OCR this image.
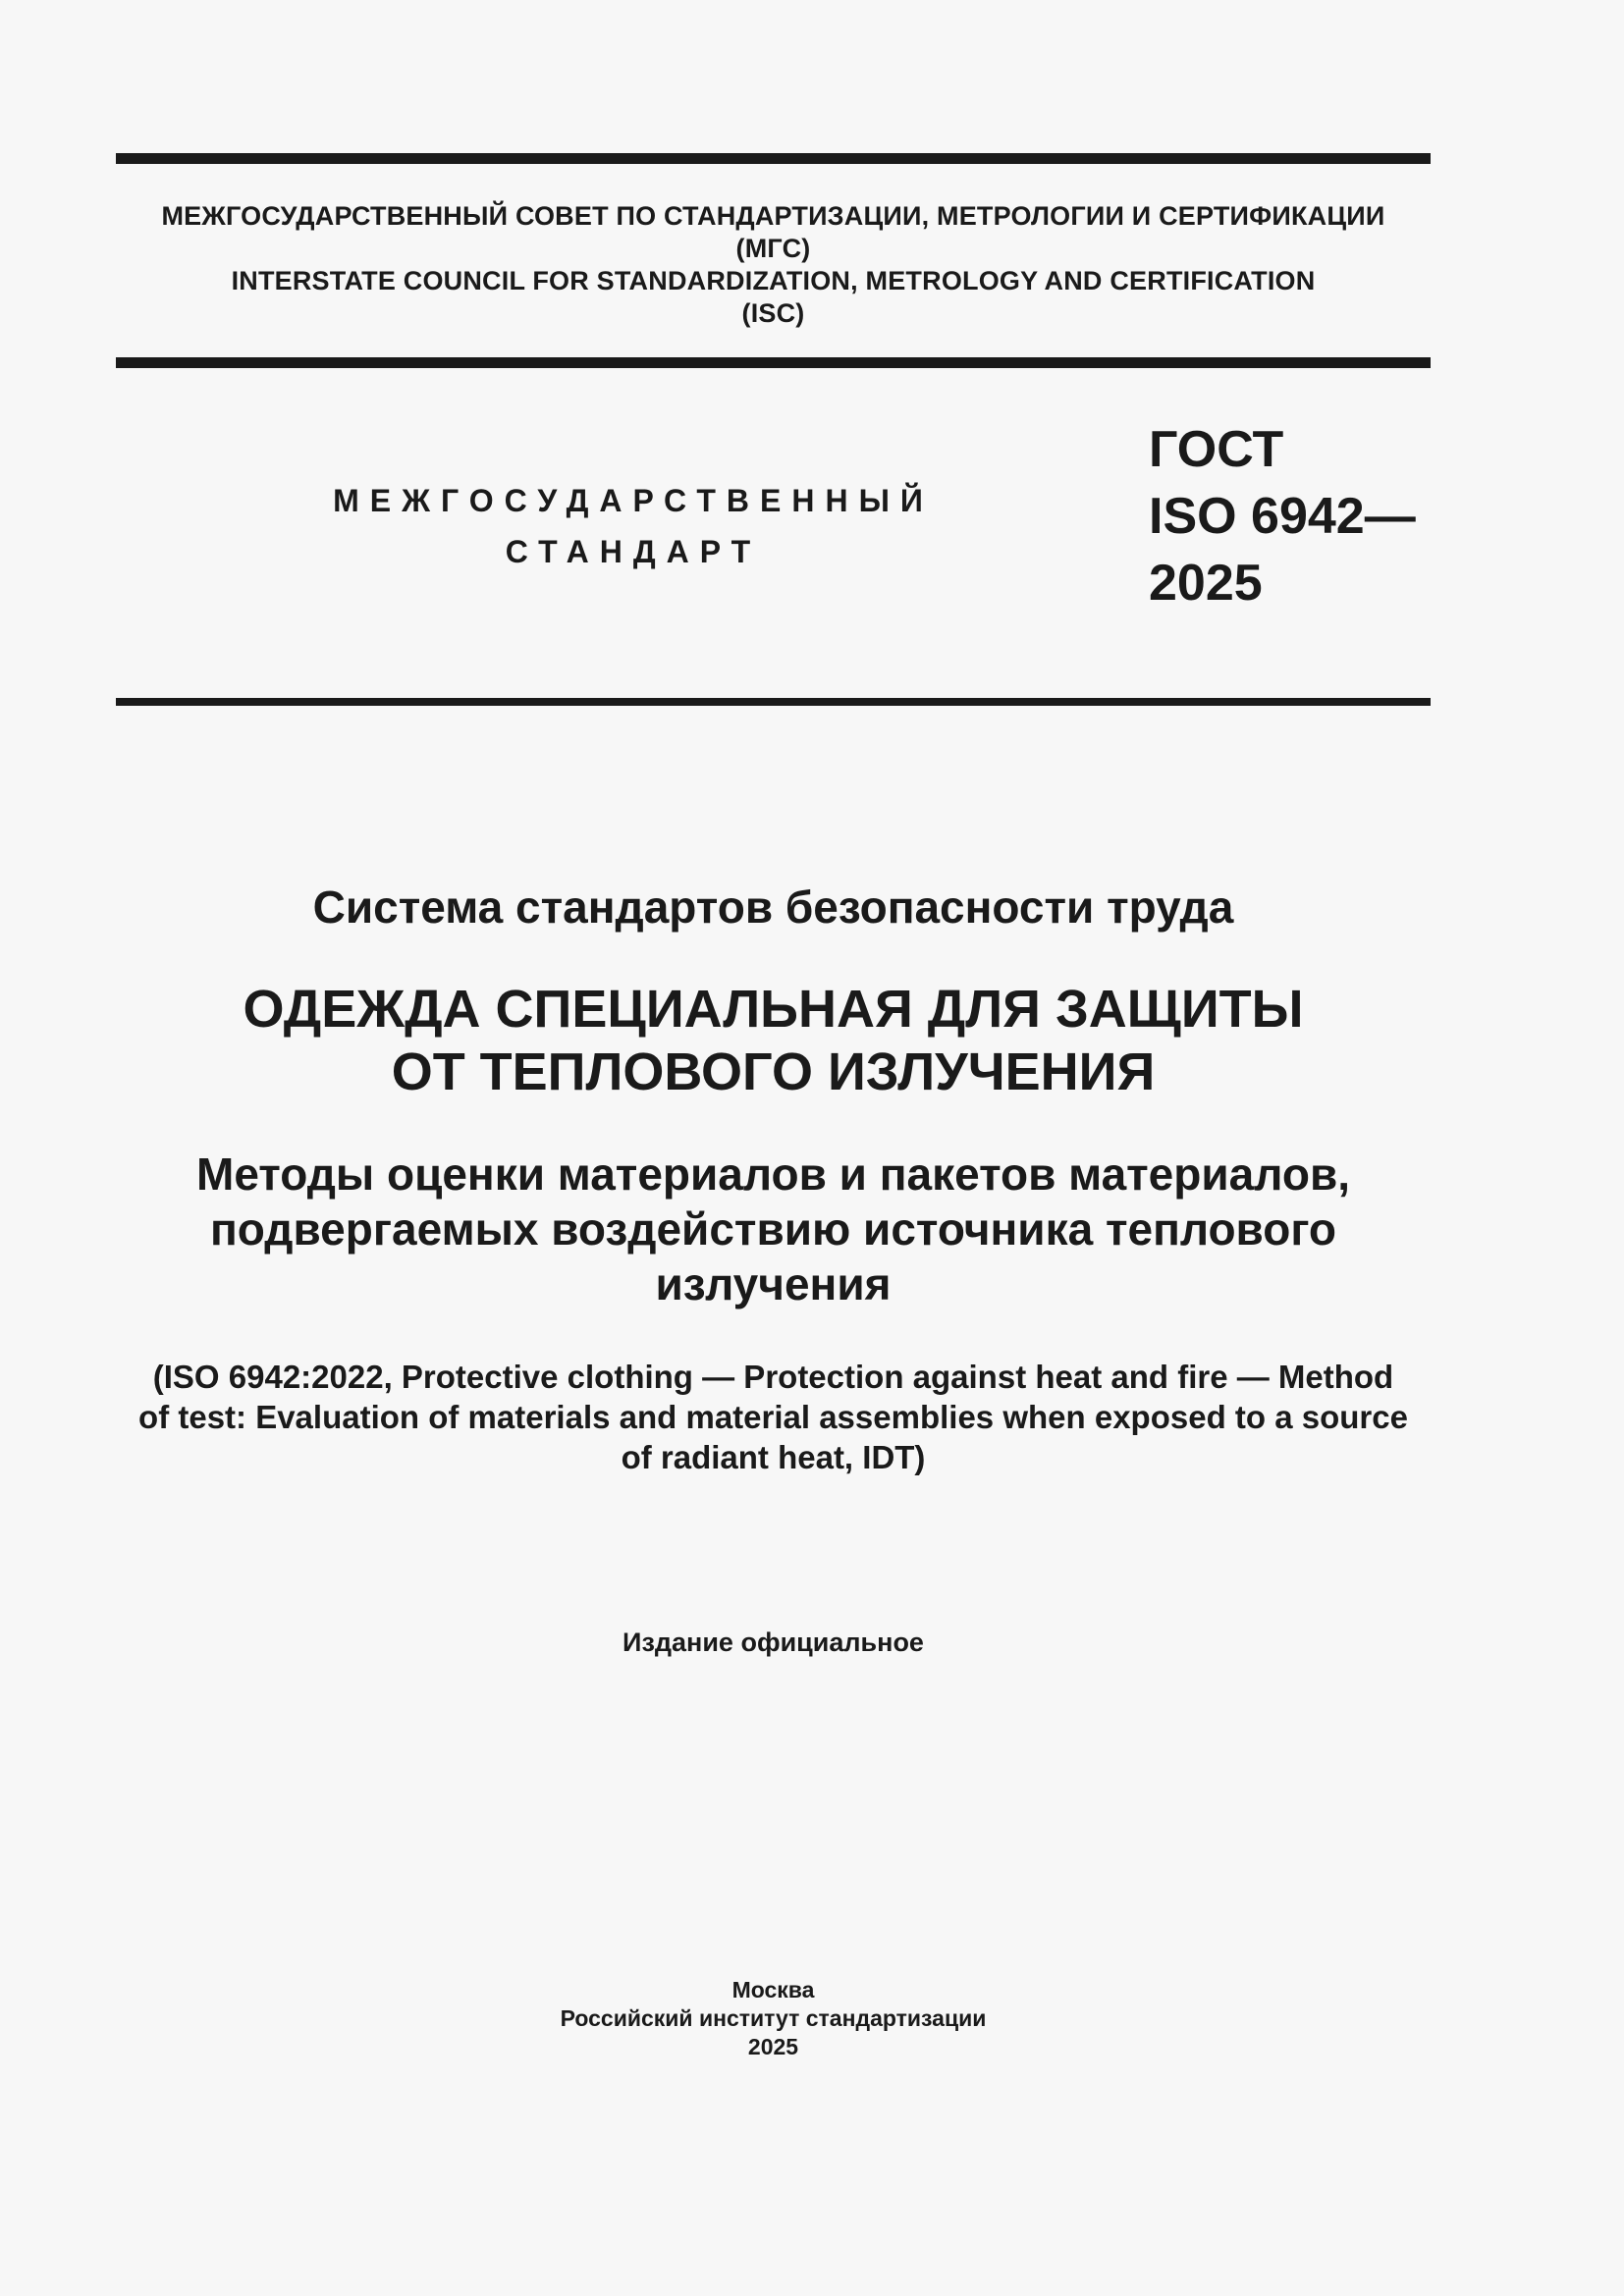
МЕЖГОСУДАРСТВЕННЫЙ СОВЕТ ПО СТАНДАРТИЗАЦИИ, МЕТРОЛОГИИ И СЕРТИФИКАЦИИ
(МГС)
INTERSTATE COUNCIL FOR STANDARDIZATION, METROLOGY AND CERTIFICATION
(ISC)
МЕЖГОСУДАРСТВЕННЫЙ
СТАНДАРТ
ГОСТ
ISO 6942—
2025
Система стандартов безопасности труда
ОДЕЖДА СПЕЦИАЛЬНАЯ ДЛЯ ЗАЩИТЫ
ОТ ТЕПЛОВОГО ИЗЛУЧЕНИЯ
Методы оценки материалов и пакетов материалов,
подвергаемых воздействию источника теплового
излучения
(ISO 6942:2022, Protective clothing — Protection against heat and fire — Method
of test: Evaluation of materials and material assemblies when exposed to a source
of radiant heat, IDT)
Издание официальное
Москва
Российский институт стандартизации
2025
